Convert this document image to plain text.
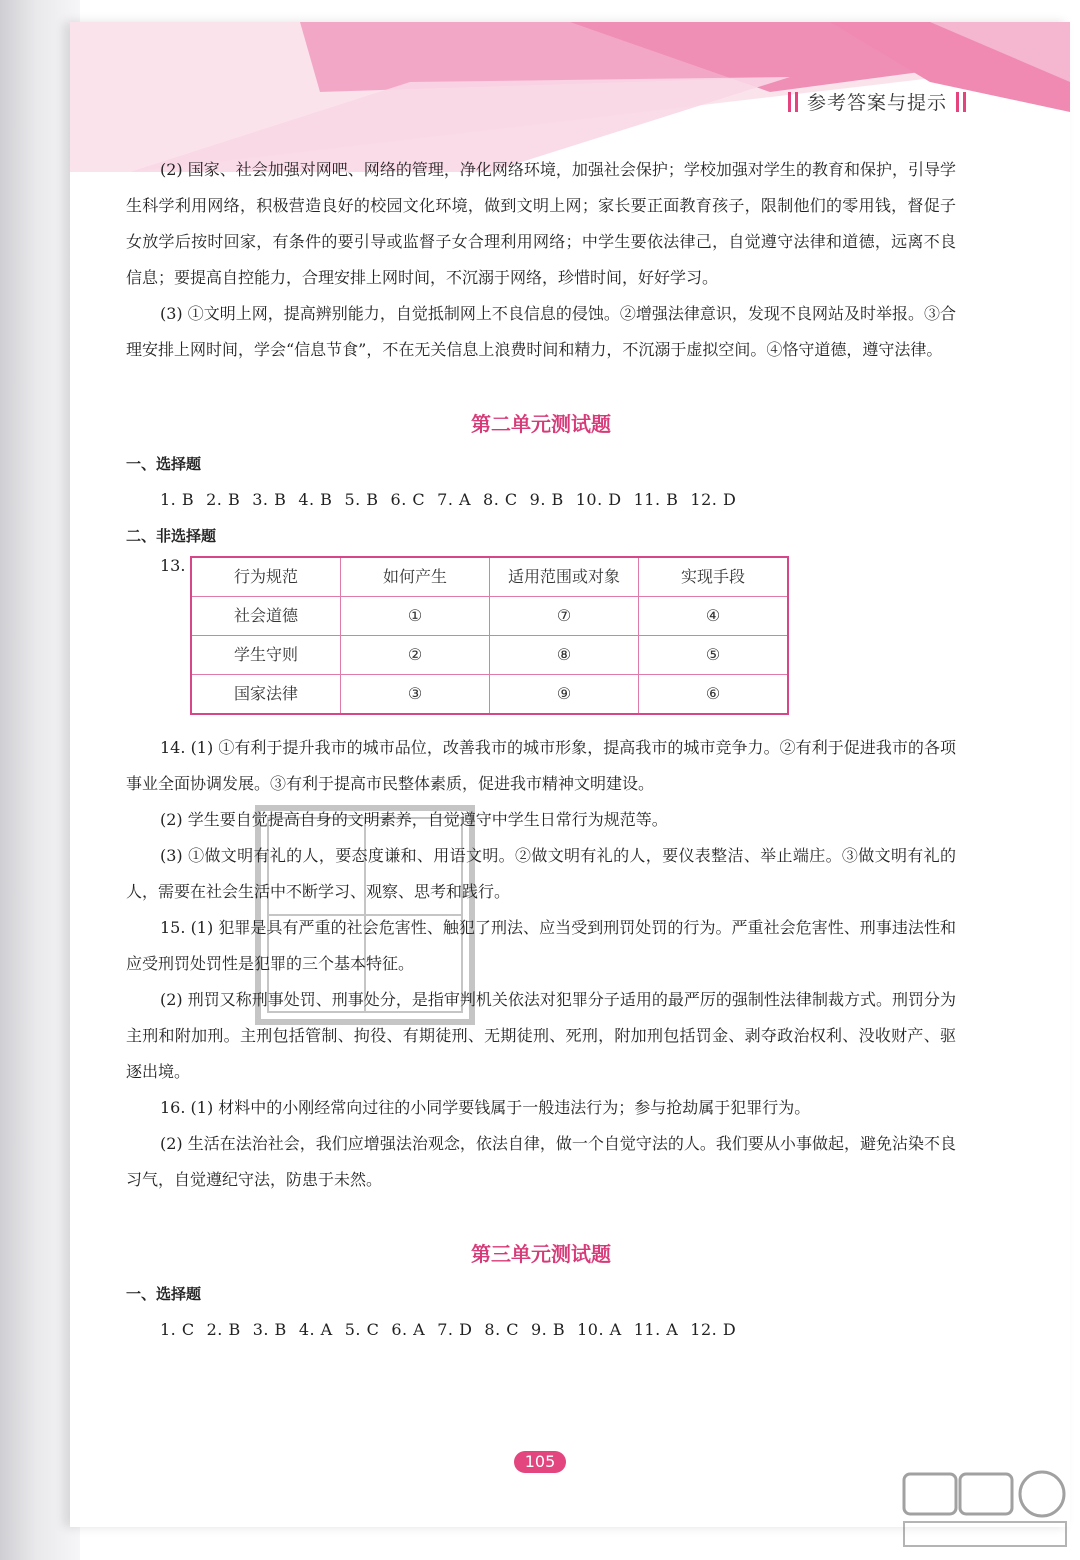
参考答案与提示

(2) 国家、社会加强对网吧、网络的管理，净化网络环境，加强社会保护；学校加强对学生的教育和保护，引导学生科学利用网络，积极营造良好的校园文化环境，做到文明上网；家长要正面教育孩子，限制他们的零用钱，督促子女放学后按时回家，有条件的要引导或监督子女合理利用网络；中学生要依法律己，自觉遵守法律和道德，远离不良信息；要提高自控能力，合理安排上网时间，不沉溺于网络，珍惜时间，好好学习。

(3) ①文明上网，提高辨别能力，自觉抵制网上不良信息的侵蚀。②增强法律意识，发现不良网站及时举报。③合理安排上网时间，学会“信息节食”，不在无关信息上浪费时间和精力，不沉溺于虚拟空间。④恪守道德，遵守法律。

第二单元测试题

一、选择题

1. B 2. B 3. B 4. B 5. B 6. C 7. A 8. C 9. B 10. D 11. B 12. D

二、非选择题

13.
行为规范	如何产生	适用范围或对象	实现手段
社会道德	①	⑦	④
学生守则	②	⑧	⑤
国家法律	③	⑨	⑥

14. (1) ①有利于提升我市的城市品位，改善我市的城市形象，提高我市的城市竞争力。②有利于促进我市的各项事业全面协调发展。③有利于提高市民整体素质，促进我市精神文明建设。

(2) 学生要自觉提高自身的文明素养，自觉遵守中学生日常行为规范等。

(3) ①做文明有礼的人，要态度谦和、用语文明。②做文明有礼的人，要仪表整洁、举止端庄。③做文明有礼的人，需要在社会生活中不断学习、观察、思考和践行。

15. (1) 犯罪是具有严重的社会危害性、触犯了刑法、应当受到刑罚处罚的行为。严重社会危害性、刑事违法性和应受刑罚处罚性是犯罪的三个基本特征。

(2) 刑罚又称刑事处罚、刑事处分，是指审判机关依法对犯罪分子适用的最严厉的强制性法律制裁方式。刑罚分为主刑和附加刑。主刑包括管制、拘役、有期徒刑、无期徒刑、死刑，附加刑包括罚金、剥夺政治权利、没收财产、驱逐出境。

16. (1) 材料中的小刚经常向过往的小同学要钱属于一般违法行为；参与抢劫属于犯罪行为。

(2) 生活在法治社会，我们应增强法治观念，依法自律，做一个自觉守法的人。我们要从小事做起，避免沾染不良习气，自觉遵纪守法，防患于未然。

第三单元测试题

一、选择题

1. C 2. B 3. B 4. A 5. C 6. A 7. D 8. C 9. B 10. A 11. A 12. D

105
